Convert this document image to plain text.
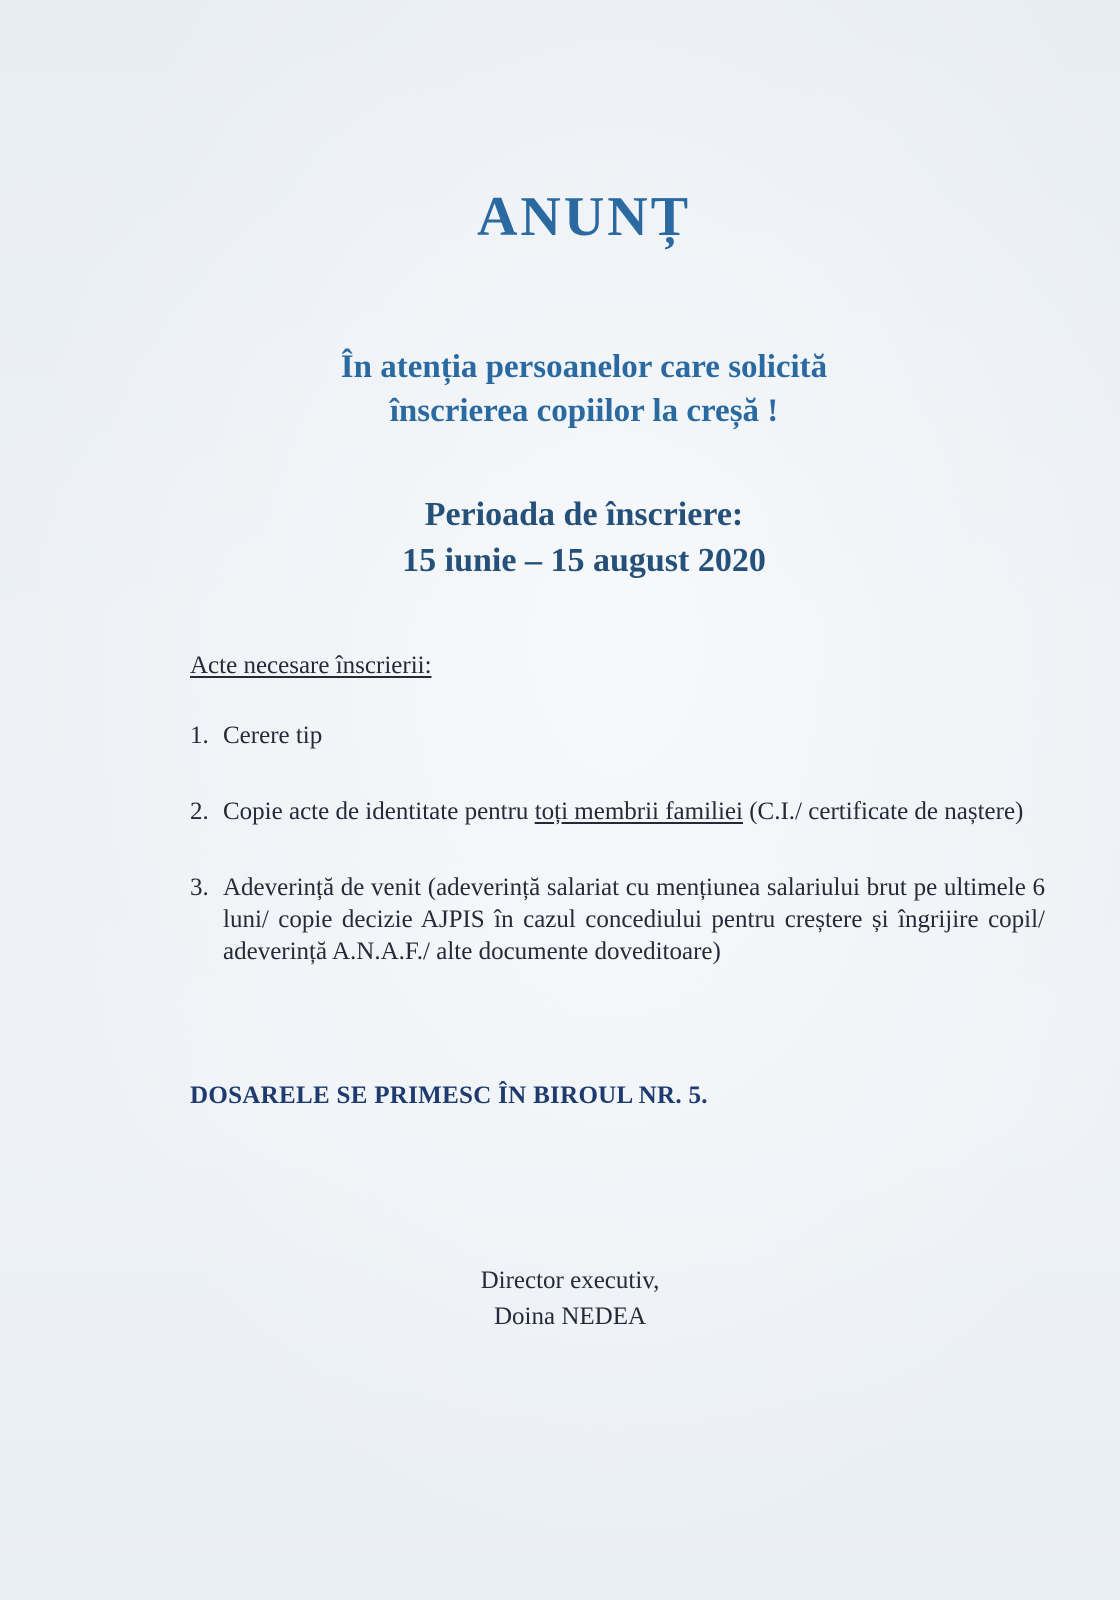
ANUNȚ
În atenția persoanelor care solicită
înscrierea copiilor la creșă !
Perioada de înscriere:
15 iunie – 15 august 2020
Acte necesare înscrierii:
1. Cerere tip
2. Copie acte de identitate pentru toți membrii familiei (C.I./ certificate de naștere)
3. Adeverință de venit (adeverință salariat cu mențiunea salariului brut pe ultimele 6 luni/ copie decizie AJPIS în cazul concediului pentru creștere și îngrijire copil/ adeverință A.N.A.F./ alte documente doveditoare)
DOSARELE SE PRIMESC ÎN BIROUL NR. 5.
Director executiv,
Doina NEDEA
